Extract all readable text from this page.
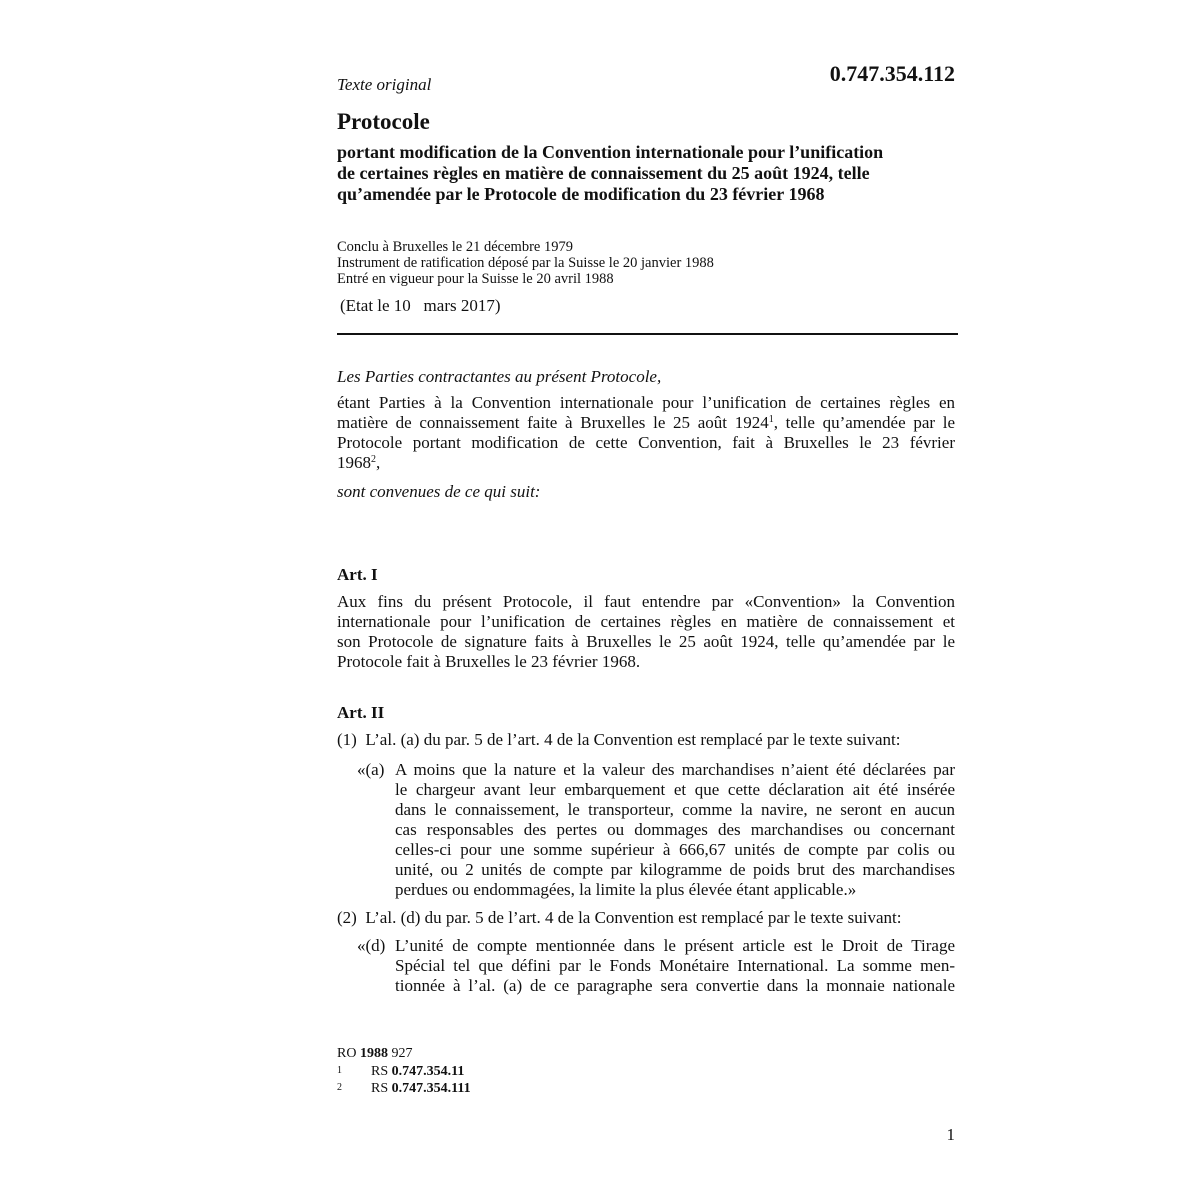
Texte original	0.747.354.112
Protocole
portant modification de la Convention internationale pour l’unification
de certaines règles en matière de connaissement du 25 août 1924, telle
qu’amendée par le Protocole de modification du 23 février 1968
Conclu à Bruxelles le 21 décembre 1979
Instrument de ratification déposé par la Suisse le 20 janvier 1988
Entré en vigueur pour la Suisse le 20 avril 1988
(Etat le 10   mars 2017)
Les Parties contractantes au présent Protocole,
étant Parties à la Convention internationale pour l’unification de certaines règles en
matière de connaissement faite à Bruxelles le 25 août 1924$^1$, telle qu’amendée par le
Protocole portant modification de cette Convention, fait à Bruxelles le 23 février
1968$^2$,
sont convenues de ce qui suit:
Art. I
Aux fins du présent Protocole, il faut entendre par «Convention» la Convention
internationale pour l’unification de certaines règles en matière de connaissement et
son Protocole de signature faits à Bruxelles le 25 août 1924, telle qu’amendée par le
Protocole fait à Bruxelles le 23 février 1968.
Art. II
(1)  L’al. (a) du par. 5 de l’art. 4 de la Convention est remplacé par le texte suivant:
«(a) A moins que la nature et la valeur des marchandises n’aient été déclarées par
le chargeur avant leur embarquement et que cette déclaration ait été insérée
dans le connaissement, le transporteur, comme la navire, ne seront en aucun
cas responsables des pertes ou dommages des marchandises ou concernant
celles-ci pour une somme supérieur à 666,67 unités de compte par colis ou
unité, ou 2 unités de compte par kilogramme de poids brut des marchandises
perdues ou endommagées, la limite la plus élevée étant applicable.»
(2)  L’al. (d) du par. 5 de l’art. 4 de la Convention est remplacé par le texte suivant:
«(d) L’unité de compte mentionnée dans le présent article est le Droit de Tirage
Spécial tel que défini par le Fonds Monétaire International. La somme men-
tionnée à l’al. (a) de ce paragraphe sera convertie dans la monnaie nationale
RO 1988 927
1 RS 0.747.354.11
2 RS 0.747.354.111
1
